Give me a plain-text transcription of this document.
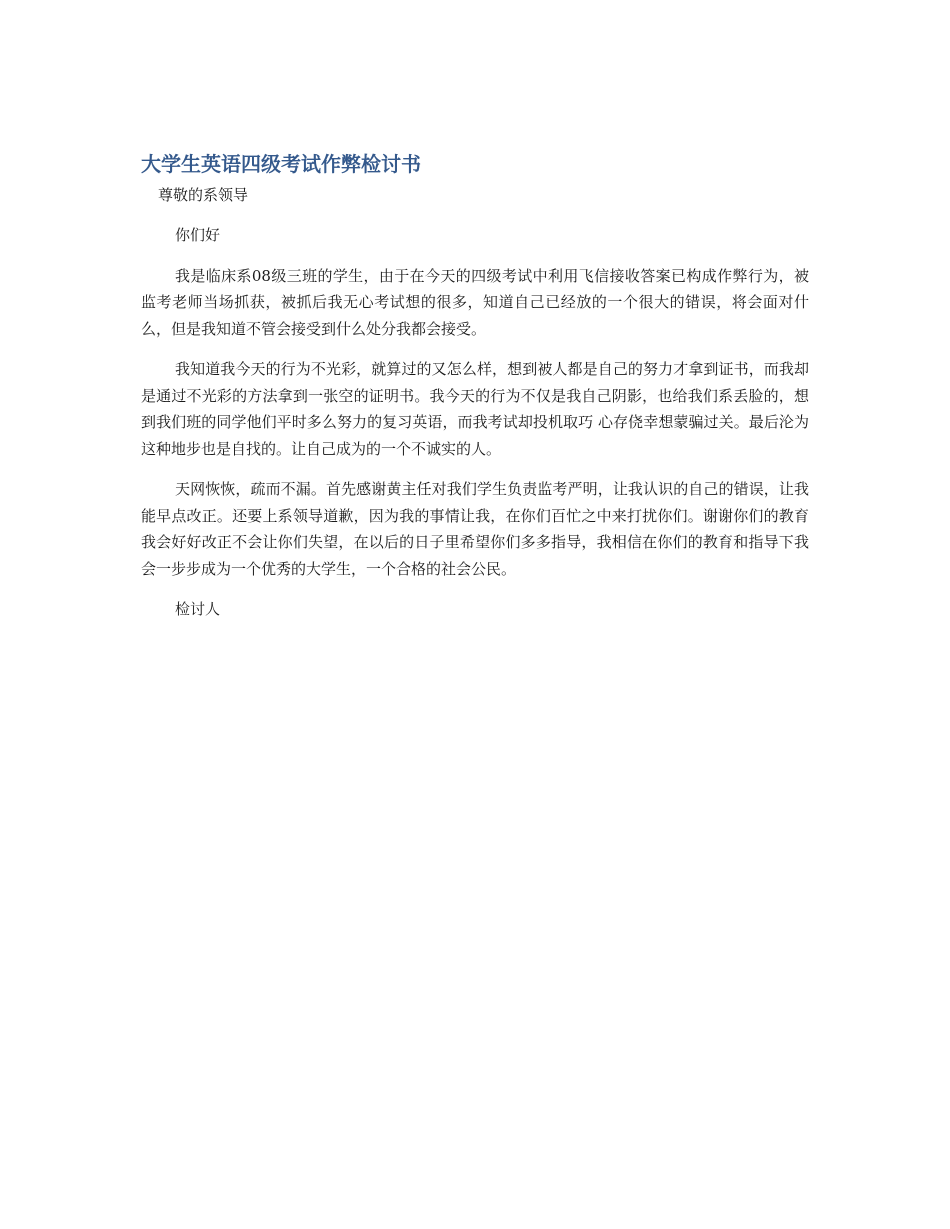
大学生英语四级考试作弊检讨书
尊敬的系领导
你们好

我是临床系08级三班的学生，由于在今天的四级考试中利用飞信接收答案已构成作弊行为，被监考老师当场抓获，被抓后我无心考试想的很多，知道自己已经放的一个很大的错误，将会面对什么，但是我知道不管会接受到什么处分我都会接受。

我知道我今天的行为不光彩，就算过的又怎么样，想到被人都是自己的努力才拿到证书，而我却是通过不光彩的方法拿到一张空的证明书。我今天的行为不仅是我自己阴影，也给我们系丢脸的，想到我们班的同学他们平时多么努力的复习英语，而我考试却投机取巧 心存侥幸想蒙骗过关。最后沦为这种地步也是自找的。让自己成为的一个不诚实的人。

天网恢恢，疏而不漏。首先感谢黄主任对我们学生负责监考严明，让我认识的自己的错误，让我能早点改正。还要上系领导道歉，因为我的事情让我，在你们百忙之中来打扰你们。谢谢你们的教育我会好好改正不会让你们失望，在以后的日子里希望你们多多指导，我相信在你们的教育和指导下我会一步步成为一个优秀的大学生，一个合格的社会公民。

检讨人
